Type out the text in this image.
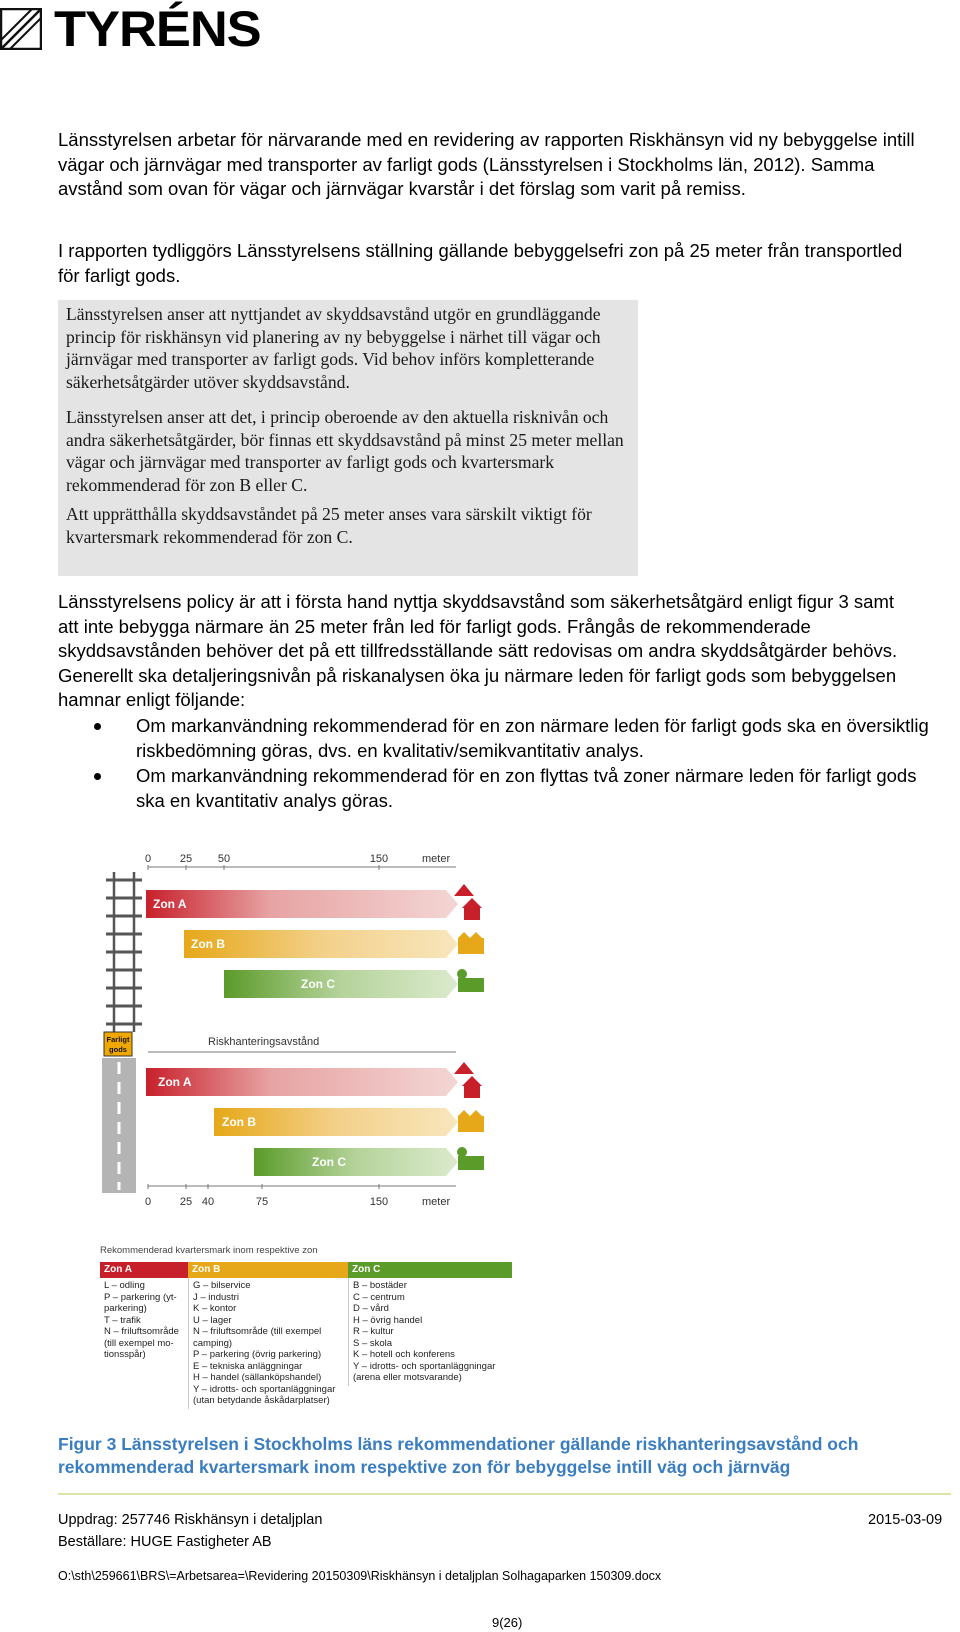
TYRÉNS

Länsstyrelsen arbetar för närvarande med en revidering av rapporten Riskhänsyn vid ny bebyggelse intill vägar och järnvägar med transporter av farligt gods (Länsstyrelsen i Stockholms län, 2012). Samma avstånd som ovan för vägar och järnvägar kvarstår i det förslag som varit på remiss.

I rapporten tydliggörs Länsstyrelsens ställning gällande bebyggelsefri zon på 25 meter från transportled för farligt gods.

Länsstyrelsen anser att nyttjandet av skyddsavstånd utgör en grundläggande princip för riskhänsyn vid planering av ny bebyggelse i närhet till vägar och järnvägar med transporter av farligt gods. Vid behov införs kompletterande säkerhetsåtgärder utöver skyddsavstånd.

Länsstyrelsen anser att det, i princip oberoende av den aktuella risknivån och andra säkerhetsåtgärder, bör finnas ett skyddsavstånd på minst 25 meter mellan vägar och järnvägar med transporter av farligt gods och kvartersmark rekommenderad för zon B eller C.

Att upprätthålla skyddsavståndet på 25 meter anses vara särskilt viktigt för kvartersmark rekommenderad för zon C.

Länsstyrelsens policy är att i första hand nyttja skyddsavstånd som säkerhetsåtgärd enligt figur 3 samt att inte bebygga närmare än 25 meter från led för farligt gods. Frångås de rekommenderade skyddsavstånden behöver det på ett tillfredsställande sätt redovisas om andra skyddsåtgärder behövs. Generellt ska detaljeringsnivån på riskanalysen öka ju närmare leden för farligt gods som bebyggelsen hamnar enligt följande:

Om markanvändning rekommenderad för en zon närmare leden för farligt gods ska en översiktlig riskbedömning göras, dvs. en kvalitativ/semikvantitativ analys.
Om markanvändning rekommenderad för en zon flyttas två zoner närmare leden för farligt gods ska en kvantitativ analys göras.
0	25 50	150	meter
Zon A
Zon B
Zon C
Farligt
gods
Riskhanteringsavstånd
Zon A
Zon B
Zon C
0	25 40	75	150	meter
Rekommenderad kvartersmark inom respektive zon
Zon A
L – odling
P – parkering (yt-
parkering)
T – trafik
N – friluftsområde
(till exempel mo-
tionsspår)
Zon B
G – bilservice
J – industri
K – kontor
U – lager
N – friluftsområde (till exempel
camping)
P – parkering (övrig parkering)
E – tekniska anläggningar
H – handel (sällanköpshandel)
Y – idrotts- och sportanläggningar
(utan betydande åskådarplatser)
Zon C
B – bostäder
C – centrum
D – vård
H – övrig handel
R – kultur
S – skola
K – hotell och konferens
Y – idrotts- och sportanläggningar
(arena eller motsvarande)

Figur 3 Länsstyrelsen i Stockholms läns rekommendationer gällande riskhanteringsavstånd och rekommenderad kvartersmark inom respektive zon för bebyggelse intill väg och järnväg

Uppdrag: 257746 Riskhänsyn i detaljplan	2015-03-09
Beställare: HUGE Fastigheter AB
O:\sth\259661\BRS\=Arbetsarea=\Revidering 20150309\Riskhänsyn i detaljplan Solhagaparken 150309.docx
9(26)
